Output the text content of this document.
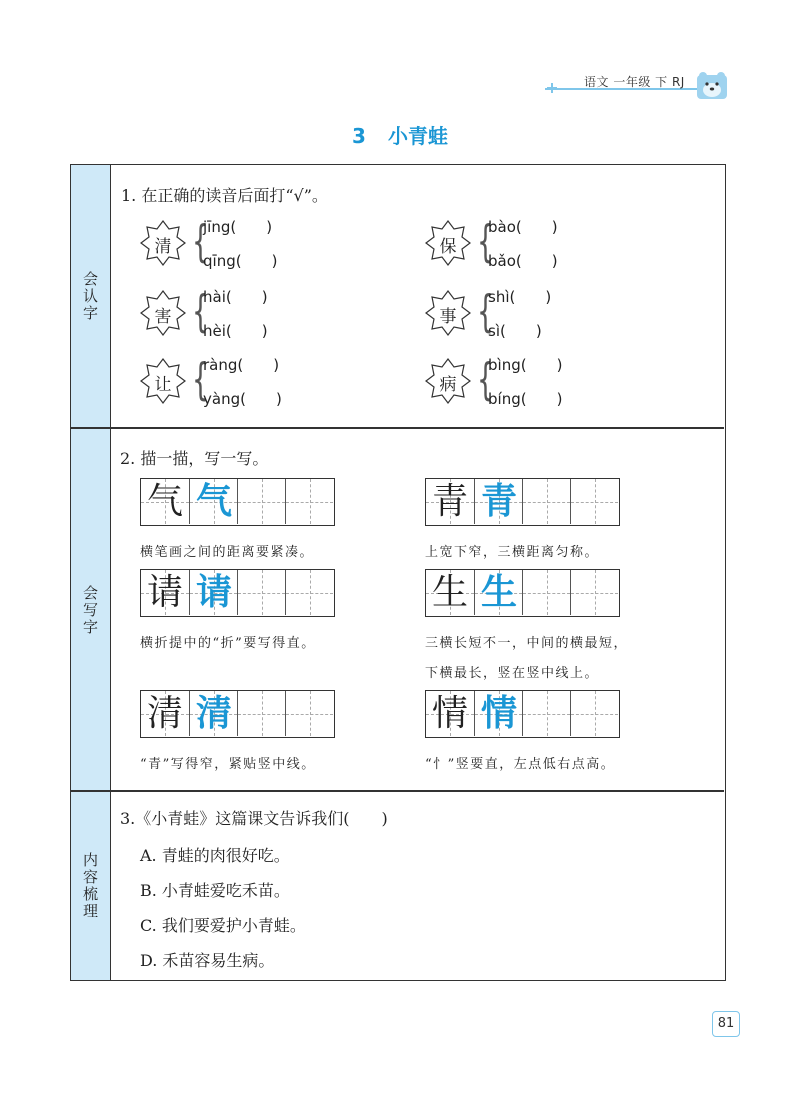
语文 一年级 下 RJ
3 小青蛙
会认字
会写字
内容梳理
1. 在正确的读音后面打“√”。
清 {
jīng(　　)
qīng(　　)
保 {
bào(　　)
bǎo(　　)
害 {
hài(　　)
hèi(　　)
事 {
shì(　　)
sì(　　)
让 {
ràng(　　)
yàng(　　)
病 {
bìng(　　)
bíng(　　)
2. 描一描，写一写。
气 气
横笔画之间的距离要紧凑。
青 青
上宽下窄，三横距离匀称。
请 请
横折提中的“折”要写得直。
生 生
三横长短不一，中间的横最短，
下横最长，竖在竖中线上。
清 清
“青”写得窄，紧贴竖中线。
情 情
“忄”竖要直，左点低右点高。
3.《小青蛙》这篇课文告诉我们(　　)
A. 青蛙的肉很好吃。
B. 小青蛙爱吃禾苗。
C. 我们要爱护小青蛙。
D. 禾苗容易生病。
81
